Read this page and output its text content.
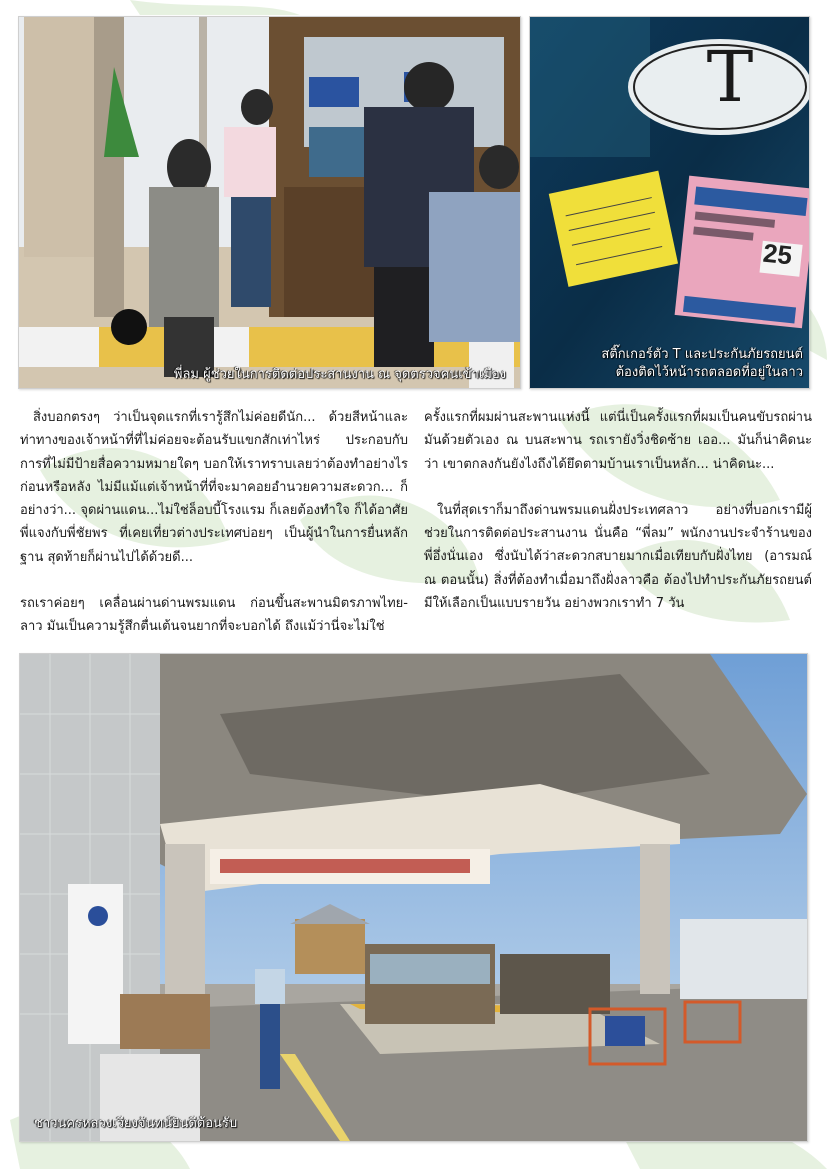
พี่ลม ผู้ช่วยในการติดต่อประสานงาน ณ จุดตรวจคนเข้าเมือง
T
25
สติ๊กเกอร์ตัว T และประกันภัยรถยนต์
ต้องติดไว้หน้ารถตลอดที่อยู่ในลาว

สิ่งบอกตรงๆ ว่าเป็นจุดแรกที่เรารู้สึกไม่ค่อยดีนัก... ด้วยสีหน้าและท่าทางของเจ้าหน้าที่ที่ไม่ค่อยจะต้อนรับแขกสักเท่าไหร่ ประกอบกับการที่ไม่มีป้ายสื่อความหมายใดๆ บอกให้เราทราบเลยว่าต้องทำอย่างไร ก่อนหรือหลัง ไม่มีแม้แต่เจ้าหน้าที่ที่จะมาคอยอำนวยความสะดวก... ก็อย่างว่า... จุดผ่านแดน...ไม่ใช่ล็อบบี้โรงแรม ก็เลยต้องทำใจ ก็ได้อาศัย พี่แจงกับพี่ชัยพร ที่เคยเที่ยวต่างประเทศบ่อยๆ เป็นผู้นำในการยื่นหลักฐาน สุดท้ายก็ผ่านไปได้ด้วยดี...

รถเราค่อยๆ เคลื่อนผ่านด่านพรมแดน ก่อนขึ้นสะพานมิตรภาพไทย-ลาว มันเป็นความรู้สึกตื่นเต้นจนยากที่จะบอกได้ ถึงแม้ว่านี่จะไม่ใช่

ครั้งแรกที่ผมผ่านสะพานแห่งนี้ แต่นี่เป็นครั้งแรกที่ผมเป็นคนขับรถผ่านมันด้วยตัวเอง ณ บนสะพาน รถเรายังวิ่งชิดซ้าย เออ... มันก็น่าคิดนะว่า เขาตกลงกันยังไงถึงได้ยึดตามบ้านเราเป็นหลัก... น่าคิดนะ...

ในที่สุดเราก็มาถึงด่านพรมแดนฝั่งประเทศลาว อย่างที่บอกเรามีผู้ช่วยในการติดต่อประสานงาน นั่นคือ “พี่ลม” พนักงานประจำร้านของพี่อึ่งนั่นเอง ซึ่งนับได้ว่าสะดวกสบายมากเมื่อเทียบกับฝั่งไทย (อารมณ์ ณ ตอนนั้น) สิ่งที่ต้องทำเมื่อมาถึงฝั่งลาวคือ ต้องไปทำประกันภัยรถยนต์ มีให้เลือกเป็นแบบรายวัน อย่างพวกเราทำ 7 วัน

ชาวนครหลวงเวียงจันทน์ยินดีต้อนรับ
